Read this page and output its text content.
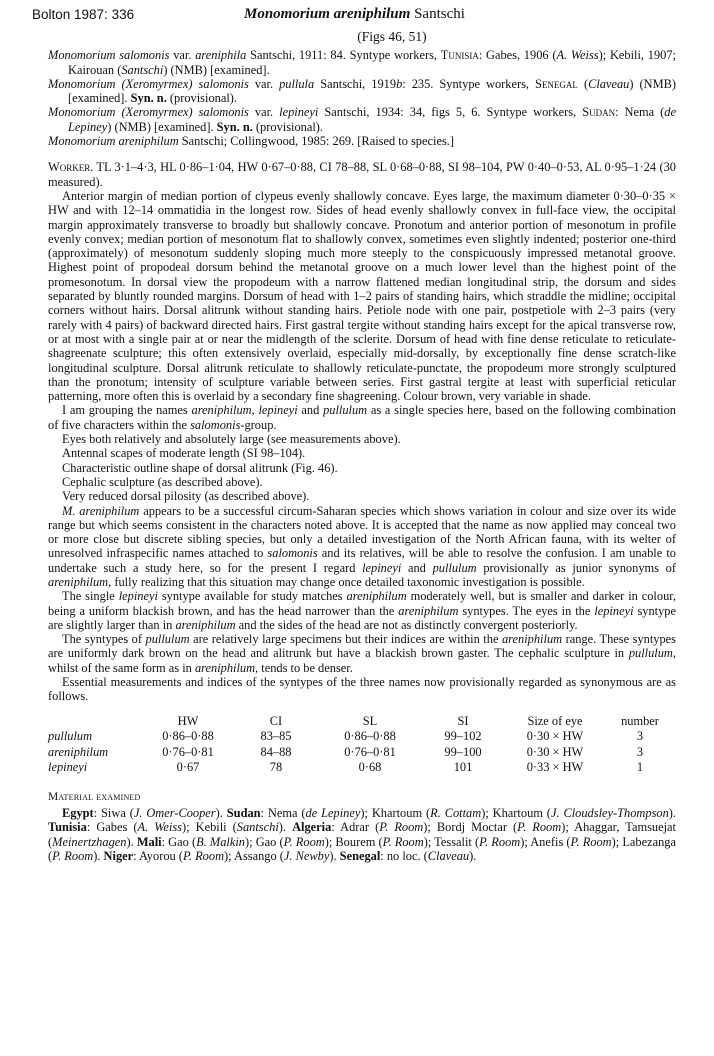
Bolton 1987: 336	Monomorium areniphilum Santschi
(Figs 46, 51)

Monomorium salomonis var. areniphila Santschi, 1911: 84. Syntype workers, Tunisia: Gabes, 1906 (A. Weiss); Kebili, 1907; Kairouan (Santschi) (NMB) [examined].

Monomorium (Xeromyrmex) salomonis var. pullula Santschi, 1919b: 235. Syntype workers, Senegal (Claveau) (NMB) [examined]. Syn. n. (provisional).

Monomorium (Xeromyrmex) salomonis var. lepineyi Santschi, 1934: 34, figs 5, 6. Syntype workers, Sudan: Nema (de Lepiney) (NMB) [examined]. Syn. n. (provisional).

Monomorium areniphilum Santschi; Collingwood, 1985: 269. [Raised to species.]

Worker. TL 3·1–4·3, HL 0·86–1·04, HW 0·67–0·88, CI 78–88, SL 0·68–0·88, SI 98–104, PW 0·40–0·53, AL 0·95–1·24 (30 measured).

Anterior margin of median portion of clypeus evenly shallowly concave. Eyes large, the maximum diameter 0·30–0·35 × HW and with 12–14 ommatidia in the longest row. Sides of head evenly shallowly convex in full-face view, the occipital margin approximately transverse to broadly but shallowly concave. Pronotum and anterior portion of mesonotum in profile evenly convex; median portion of mesonotum flat to shallowly convex, sometimes even slightly indented; posterior one-third (approximately) of mesonotum suddenly sloping much more steeply to the conspicuously impressed metanotal groove. Highest point of propodeal dorsum behind the metanotal groove on a much lower level than the highest point of the promesonotum. In dorsal view the propodeum with a narrow flattened median longitudinal strip, the dorsum and sides separated by bluntly rounded margins. Dorsum of head with 1–2 pairs of standing hairs, which straddle the midline; occipital corners without hairs. Dorsal alitrunk without standing hairs. Petiole node with one pair, postpetiole with 2–3 pairs (very rarely with 4 pairs) of backward directed hairs. First gastral tergite without standing hairs except for the apical transverse row, or at most with a single pair at or near the midlength of the sclerite. Dorsum of head with fine dense reticulate to reticulate-shagreenate sculpture; this often extensively overlaid, especially mid-dorsally, by exceptionally fine dense scratch-like longitudinal sculpture. Dorsal alitrunk reticulate to shallowly reticulate-punctate, the propodeum more strongly sculptured than the pronotum; intensity of sculpture variable between series. First gastral tergite at least with superficial reticular patterning, more often this is overlaid by a secondary fine shagreening. Colour brown, very variable in shade.

I am grouping the names areniphilum, lepineyi and pullulum as a single species here, based on the following combination of five characters within the salomonis-group.

Eyes both relatively and absolutely large (see measurements above).

Antennal scapes of moderate length (SI 98–104).

Characteristic outline shape of dorsal alitrunk (Fig. 46).

Cephalic sculpture (as described above).

Very reduced dorsal pilosity (as described above).

M. areniphilum appears to be a successful circum-Saharan species which shows variation in colour and size over its wide range but which seems consistent in the characters noted above. It is accepted that the name as now applied may conceal two or more close but discrete sibling species, but only a detailed investigation of the North African fauna, with its welter of unresolved infraspecific names attached to salomonis and its relatives, will be able to resolve the confusion. I am unable to undertake such a study here, so for the present I regard lepineyi and pullulum provisionally as junior synonyms of areniphilum, fully realizing that this situation may change once detailed taxonomic investigation is possible.

The single lepineyi syntype available for study matches areniphilum moderately well, but is smaller and darker in colour, being a uniform blackish brown, and has the head narrower than the areniphilum syntypes. The eyes in the lepineyi syntype are slightly larger than in areniphilum and the sides of the head are not as distinctly convergent posteriorly.

The syntypes of pullulum are relatively large specimens but their indices are within the areniphilum range. These syntypes are uniformly dark brown on the head and alitrunk but have a blackish brown gaster. The cephalic sculpture in pullulum, whilst of the same form as in areniphilum, tends to be denser.

Essential measurements and indices of the syntypes of the three names now provisionally regarded as synonymous are as follows.

	HW	CI	SL	SI	Size of eye	number
pullulum	0·86–0·88	83–85	0·86–0·88	99–102	0·30 × HW	3
areniphilum	0·76–0·81	84–88	0·76–0·81	99–100	0·30 × HW	3
lepineyi	0·67	78	0·68	101	0·33 × HW	1
Material examined

Egypt: Siwa (J. Omer-Cooper). Sudan: Nema (de Lepiney); Khartoum (R. Cottam); Khartoum (J. Cloudsley-Thompson). Tunisia: Gabes (A. Weiss); Kebili (Santschi). Algeria: Adrar (P. Room); Bordj Moctar (P. Room); Ahaggar, Tamsuejat (Meinertzhagen). Mali: Gao (B. Malkin); Gao (P. Room); Bourem (P. Room); Tessalit (P. Room); Anefis (P. Room); Labezanga (P. Room). Niger: Ayorou (P. Room); Assango (J. Newby). Senegal: no loc. (Claveau).
